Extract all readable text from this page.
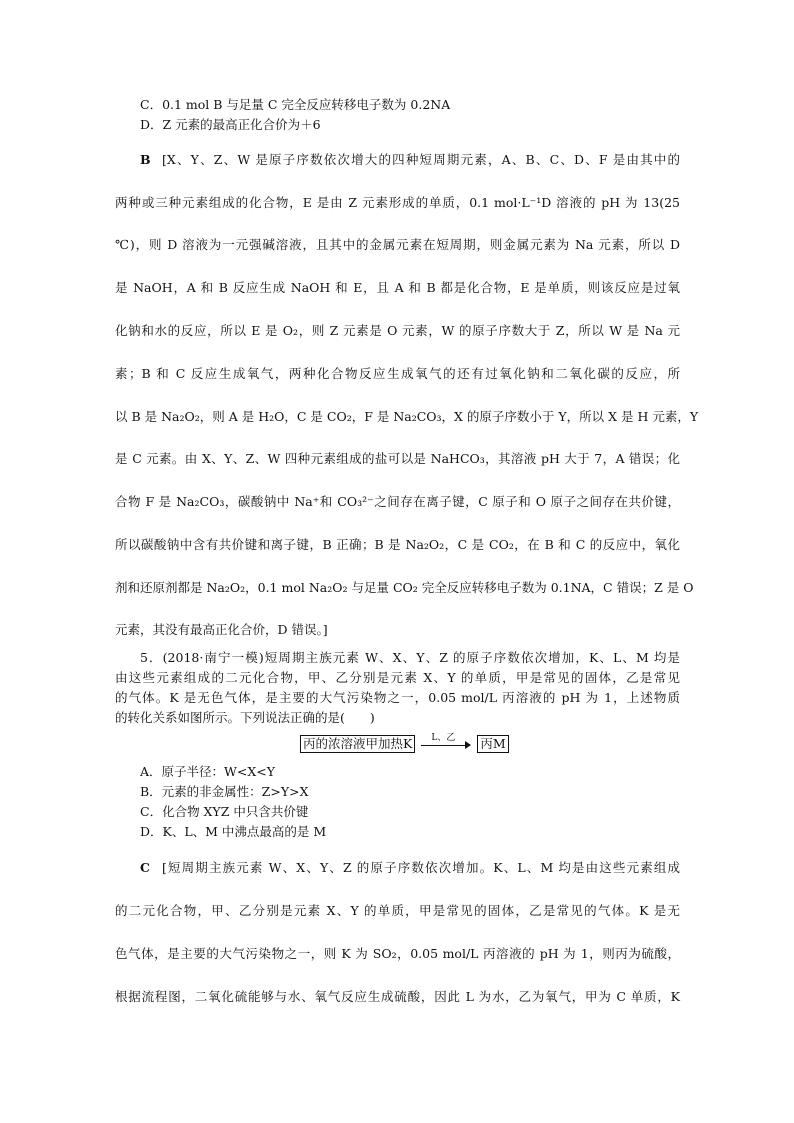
C．0.1 mol B 与足量 C 完全反应转移电子数为 0.2NA
D．Z 元素的最高正化合价为＋6
B [X、Y、Z、W 是原子序数依次增大的四种短周期元素，A、B、C、D、F 是由其中的
两种或三种元素组成的化合物，E 是由 Z 元素形成的单质，0.1 mol·L⁻¹D 溶液的 pH 为 13(25
℃)，则 D 溶液为一元强碱溶液，且其中的金属元素在短周期，则金属元素为 Na 元素，所以 D
是 NaOH，A 和 B 反应生成 NaOH 和 E，且 A 和 B 都是化合物，E 是单质，则该反应是过氧
化钠和水的反应，所以 E 是 O₂，则 Z 元素是 O 元素，W 的原子序数大于 Z，所以 W 是 Na 元
素；B 和 C 反应生成氧气，两种化合物反应生成氧气的还有过氧化钠和二氧化碳的反应，所
以 B 是 Na₂O₂，则 A 是 H₂O，C 是 CO₂，F 是 Na₂CO₃，X 的原子序数小于 Y，所以 X 是 H 元素，Y
是 C 元素。由 X、Y、Z、W 四种元素组成的盐可以是 NaHCO₃，其溶液 pH 大于 7，A 错误；化
合物 F 是 Na₂CO₃，碳酸钠中 Na⁺和 CO₃²⁻之间存在离子键，C 原子和 O 原子之间存在共价键，
所以碳酸钠中含有共价键和离子键，B 正确；B 是 Na₂O₂，C 是 CO₂，在 B 和 C 的反应中，氧化
剂和还原剂都是 Na₂O₂，0.1 mol Na₂O₂ 与足量 CO₂ 完全反应转移电子数为 0.1NA，C 错误；Z 是 O
元素，其没有最高正化合价，D 错误。]
5．(2018·南宁一模)短周期主族元素 W、X、Y、Z 的原子序数依次增加，K、L、M 均是
由这些元素组成的二元化合物，甲、乙分别是元素 X、Y 的单质，甲是常见的固体，乙是常见
的气体。K 是无色气体，是主要的大气污染物之一，0.05 mol/L 丙溶液的 pH 为 1，上述物质
的转化关系如图所示。下列说法正确的是(　　)
丙的浓溶液甲加热K	L、乙 丙M
A．原子半径：W<X<Y
B．元素的非金属性：Z>Y>X
C．化合物 XYZ 中只含共价键
D．K、L、M 中沸点最高的是 M
C [短周期主族元素 W、X、Y、Z 的原子序数依次增加。K、L、M 均是由这些元素组成
的二元化合物，甲、乙分别是元素 X、Y 的单质，甲是常见的固体，乙是常见的气体。K 是无
色气体，是主要的大气污染物之一，则 K 为 SO₂，0.05 mol/L 丙溶液的 pH 为 1，则丙为硫酸，
根据流程图，二氧化硫能够与水、氧气反应生成硫酸，因此 L 为水，乙为氧气，甲为 C 单质，K
